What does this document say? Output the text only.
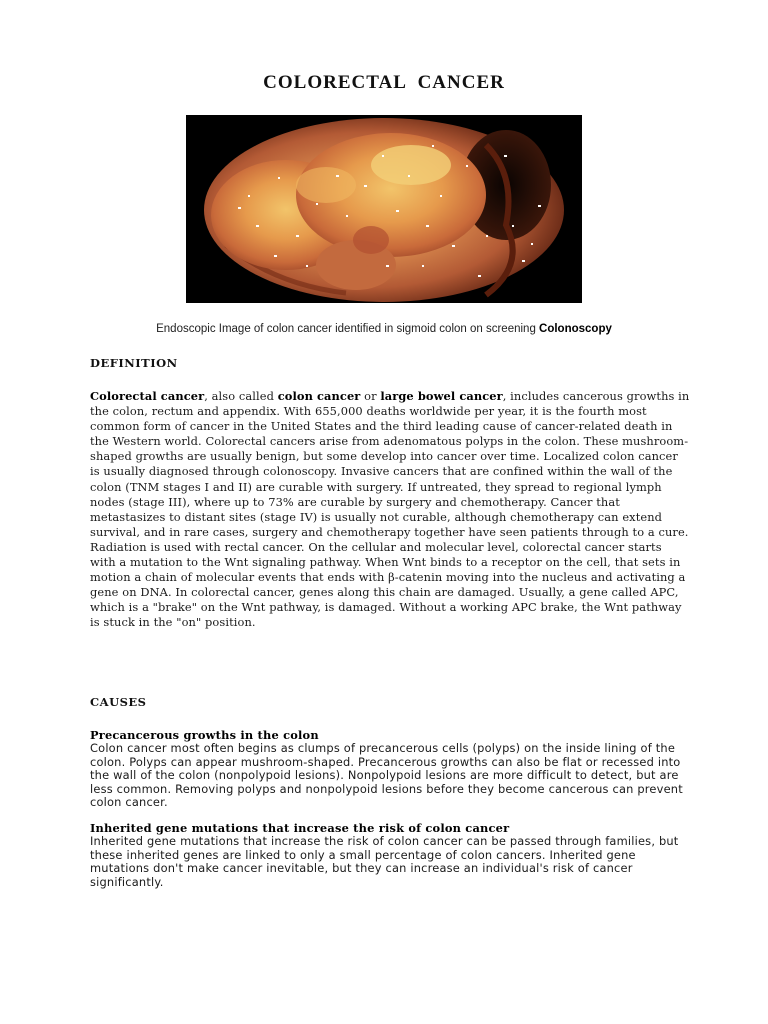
COLORECTAL CANCER
Endoscopic Image of colon cancer identified in sigmoid colon on screening Colonoscopy
DEFINITION
Colorectal cancer, also called colon cancer or large bowel cancer, includes cancerous growths in the colon, rectum and appendix. With 655,000 deaths worldwide per year, it is the fourth most common form of cancer in the United States and the third leading cause of cancer-related death in the Western world. Colorectal cancers arise from adenomatous polyps in the colon. These mushroom-shaped growths are usually benign, but some develop into cancer over time. Localized colon cancer is usually diagnosed through colonoscopy. Invasive cancers that are confined within the wall of the colon (TNM stages I and II) are curable with surgery. If untreated, they spread to regional lymph nodes (stage III), where up to 73% are curable by surgery and chemotherapy. Cancer that metastasizes to distant sites (stage IV) is usually not curable, although chemotherapy can extend survival, and in rare cases, surgery and chemotherapy together have seen patients through to a cure. Radiation is used with rectal cancer. On the cellular and molecular level, colorectal cancer starts with a mutation to the Wnt signaling pathway. When Wnt binds to a receptor on the cell, that sets in motion a chain of molecular events that ends with β-catenin moving into the nucleus and activating a gene on DNA. In colorectal cancer, genes along this chain are damaged. Usually, a gene called APC, which is a "brake" on the Wnt pathway, is damaged. Without a working APC brake, the Wnt pathway is stuck in the "on" position.
CAUSES
Precancerous growths in the colon
Colon cancer most often begins as clumps of precancerous cells (polyps) on the inside lining of the colon. Polyps can appear mushroom-shaped. Precancerous growths can also be flat or recessed into the wall of the colon (nonpolypoid lesions). Nonpolypoid lesions are more difficult to detect, but are less common. Removing polyps and nonpolypoid lesions before they become cancerous can prevent colon cancer.
Inherited gene mutations that increase the risk of colon cancer
Inherited gene mutations that increase the risk of colon cancer can be passed through families, but these inherited genes are linked to only a small percentage of colon cancers. Inherited gene mutations don't make cancer inevitable, but they can increase an individual's risk of cancer significantly.
